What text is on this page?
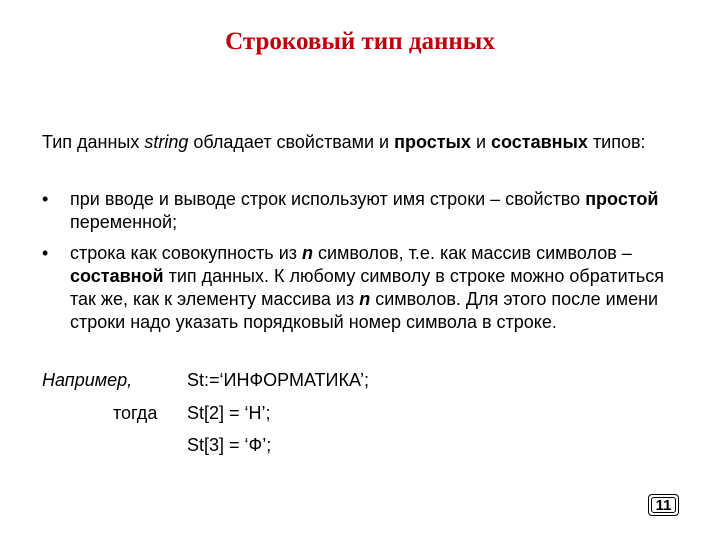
Строковый тип данных
Тип данных string обладает свойствами и простых и составных типов:
• при вводе и выводе строк используют имя строки – свойство простой переменной;
• строка как совокупность из n символов, т.е. как массив символов – составной тип данных. К любому символу в строке можно обратиться так же, как к элементу массива из n символов. Для этого после имени строки надо указать порядковый номер символа в строке.
Например,	St:=‘ИНФОРМАТИКА’;
тогда St[2] = ‘Н’;
St[3] = ‘Ф’;
11
